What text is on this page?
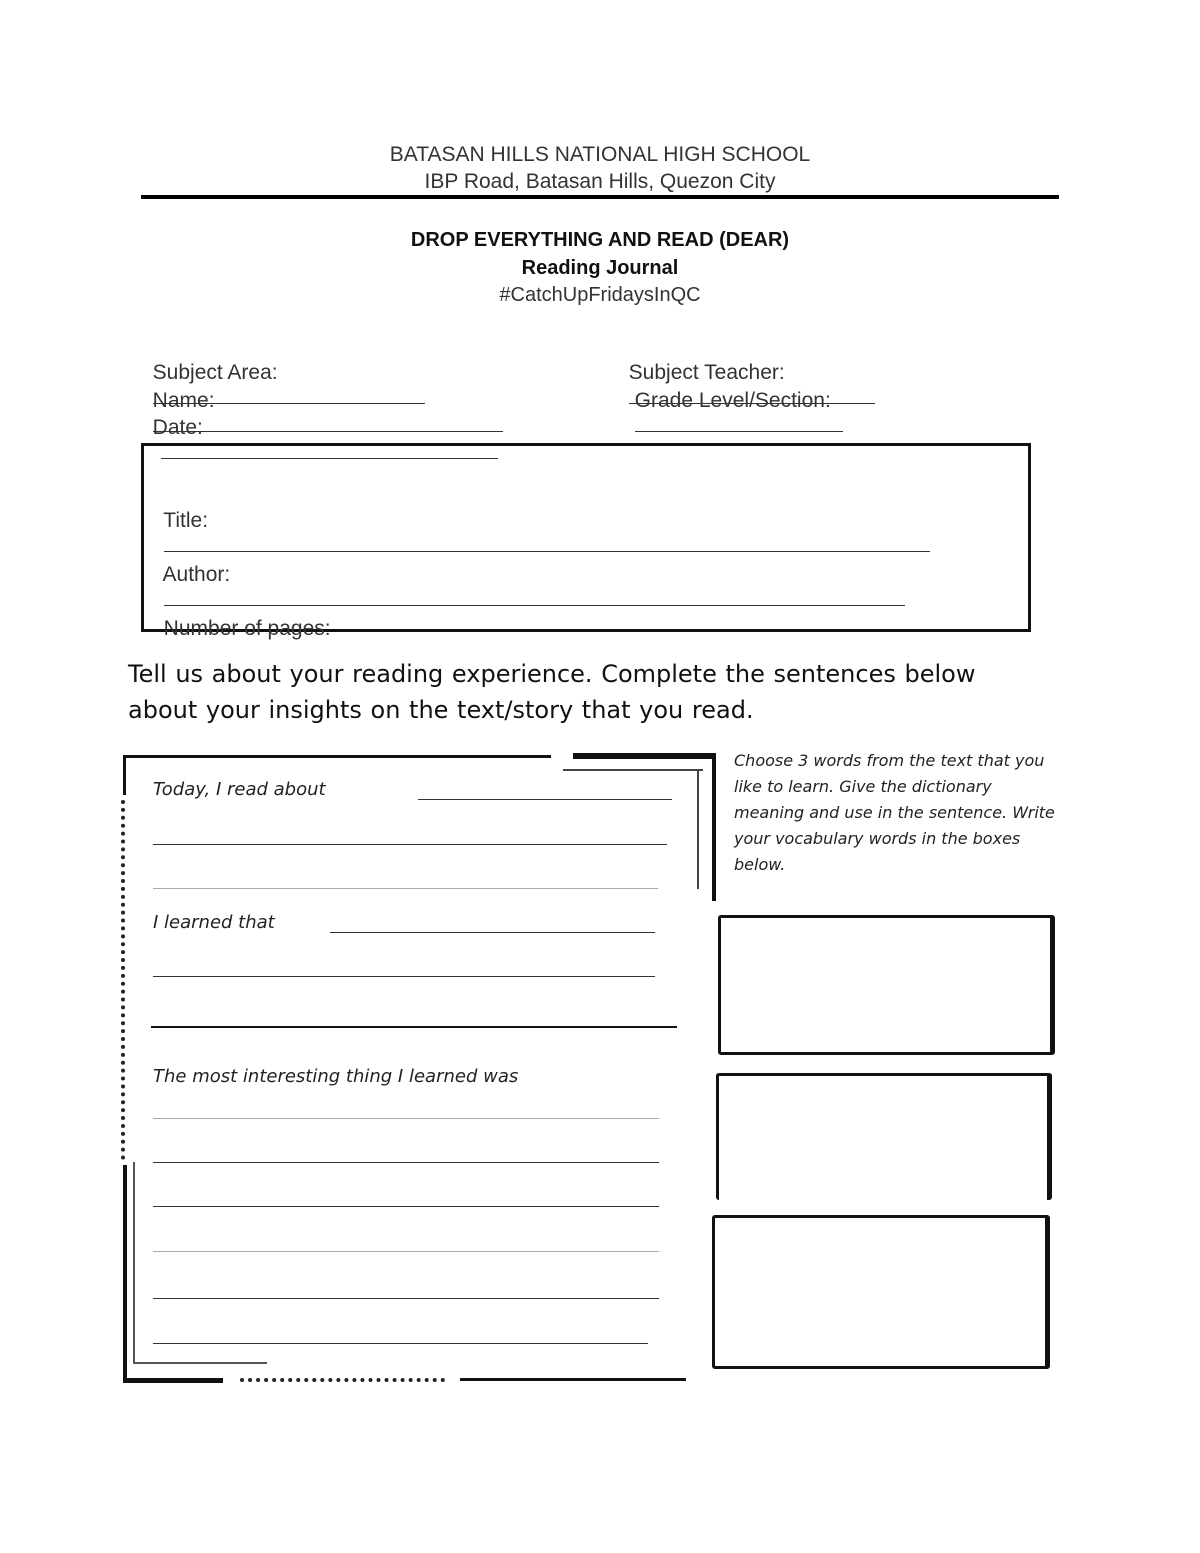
BATASAN HILLS NATIONAL HIGH SCHOOL
IBP Road, Batasan Hills, Quezon City
DROP EVERYTHING AND READ (DEAR)
Reading Journal
#CatchUpFridaysInQC

Subject Area:
	Subject Teacher:

Name:
	Grade Level/Section:

Date:

Title:

Author:

Number of pages:

Tell us about your reading experience. Complete the sentences below about your insights on the text/story that you read.
Today, I read about
I learned that
The most interesting thing I learned was
Choose 3 words from the text that you like to learn. Give the dictionary meaning and use in the sentence. Write your vocabulary words in the boxes below.
